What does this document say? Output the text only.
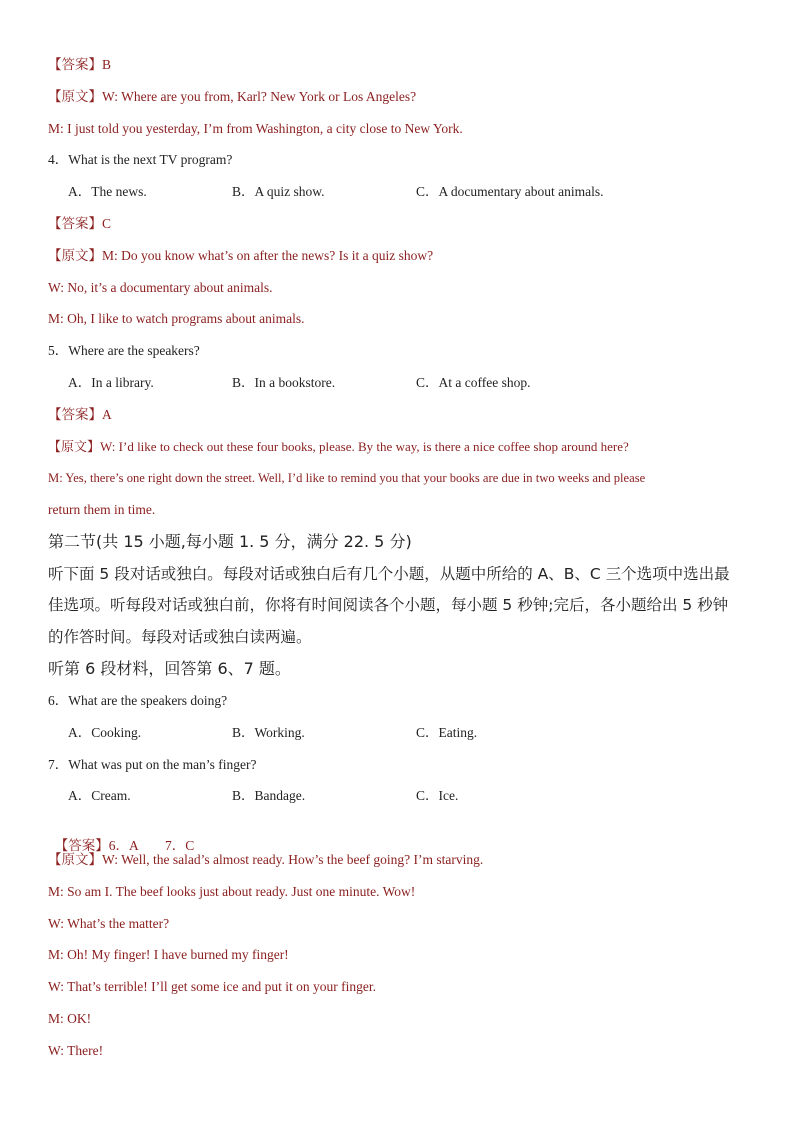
【答案】B
【原文】W: Where are you from, Karl? New York or Los Angeles?
M: I just told you yesterday, I’m from Washington, a city close to New York.
4．What is the next TV program?
A．The news.	B．A quiz show.	C．A documentary about animals.
【答案】C
【原文】M: Do you know what’s on after the news? Is it a quiz show?
W: No, it’s a documentary about animals.
M: Oh, I like to watch programs about animals.
5．Where are the speakers?
A．In a library.	B．In a bookstore.	C．At a coffee shop.
【答案】A
【原文】W: I’d like to check out these four books, please. By the way, is there a nice coffee shop around here?
M: Yes, there’s one right down the street. Well, I’d like to remind you that your books are due in two weeks and please
return them in time.
第二节(共 15 小题,每小题 1. 5 分，满分 22. 5 分)
听下面 5 段对话或独白。每段对话或独白后有几个小题，从题中所给的 A、B、C 三个选项中选出最
佳选项。听每段对话或独白前，你将有时间阅读各个小题，每小题 5 秒钟;完后，各小题给出 5 秒钟
的作答时间。每段对话或独白读两遍。
听第 6 段材料，回答第 6、7 题。
6．What are the speakers doing?
A．Cooking.	B．Working.	C．Eating.
7．What was put on the man’s finger?
A．Cream.	B．Bandage.	C．Ice.

【答案】6．A        7．C

【原文】W: Well, the salad’s almost ready. How’s the beef going? I’m starving.
M: So am I. The beef looks just about ready. Just one minute. Wow!
W: What’s the matter?
M: Oh! My finger! I have burned my finger!
W: That’s terrible! I’ll get some ice and put it on your finger.
M: OK!
W: There!
